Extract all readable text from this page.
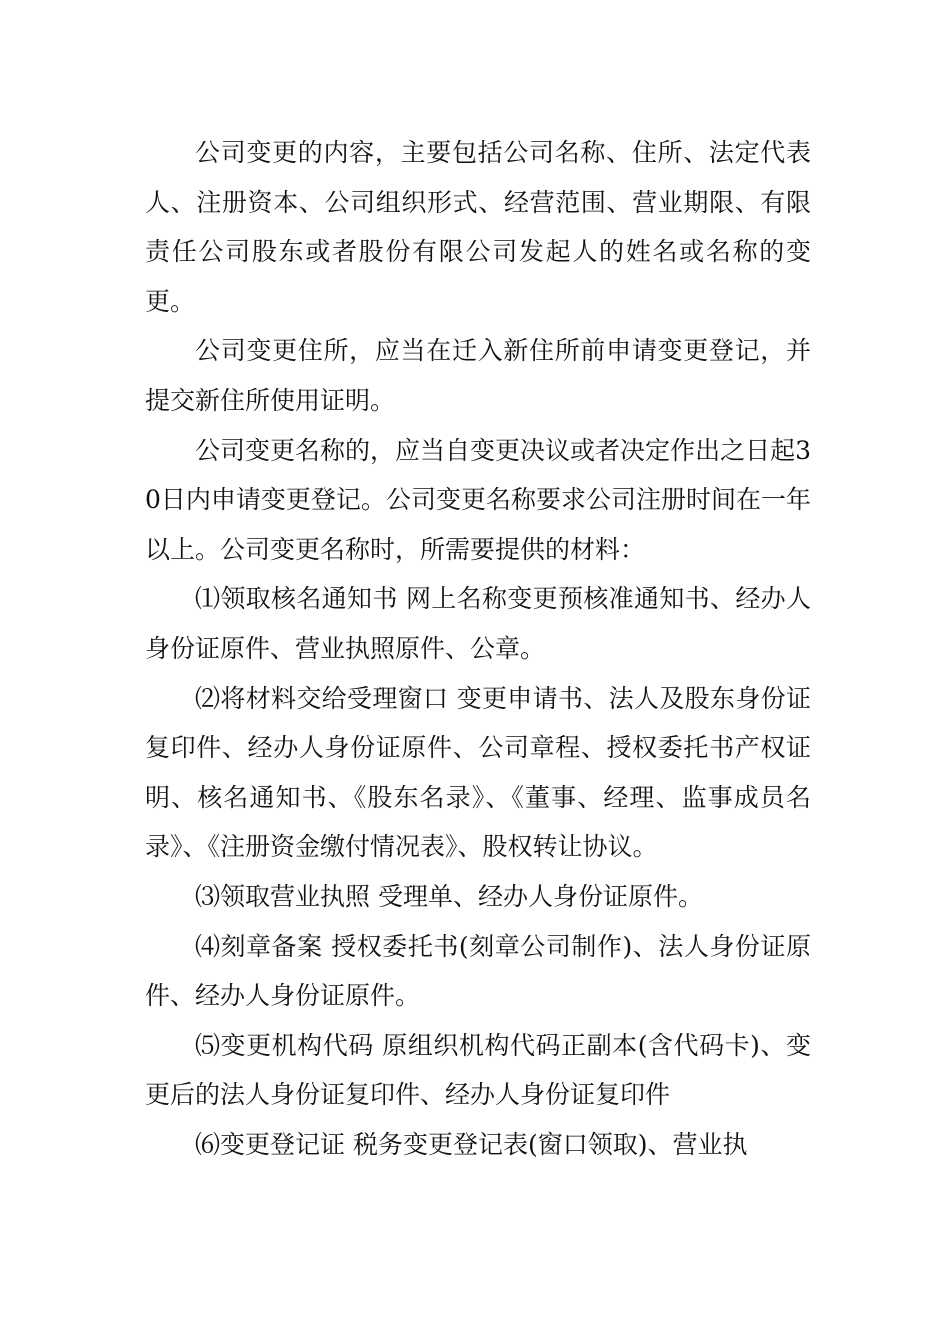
公司变更的内容，主要包括公司名称、住所、法定代表人、注册资本、公司组织形式、经营范围、营业期限、有限责任公司股东或者股份有限公司发起人的姓名或名称的变更。

公司变更住所，应当在迁入新住所前申请变更登记，并提交新住所使用证明。

公司变更名称的，应当自变更决议或者决定作出之日起30日内申请变更登记。公司变更名称要求公司注册时间在一年以上。公司变更名称时，所需要提供的材料：

⑴领取核名通知书 网上名称变更预核准通知书、经办人身份证原件、营业执照原件、公章。

⑵将材料交给受理窗口 变更申请书、法人及股东身份证复印件、经办人身份证原件、公司章程、授权委托书产权证明、核名通知书、《股东名录》、《董事、经理、监事成员名录》、《注册资金缴付情况表》、股权转让协议。

⑶领取营业执照 受理单、经办人身份证原件。

⑷刻章备案 授权委托书(刻章公司制作)、法人身份证原件、经办人身份证原件。

⑸变更机构代码 原组织机构代码正副本(含代码卡)、变更后的法人身份证复印件、经办人身份证复印件

⑹变更登记证 税务变更登记表(窗口领取)、营业执
